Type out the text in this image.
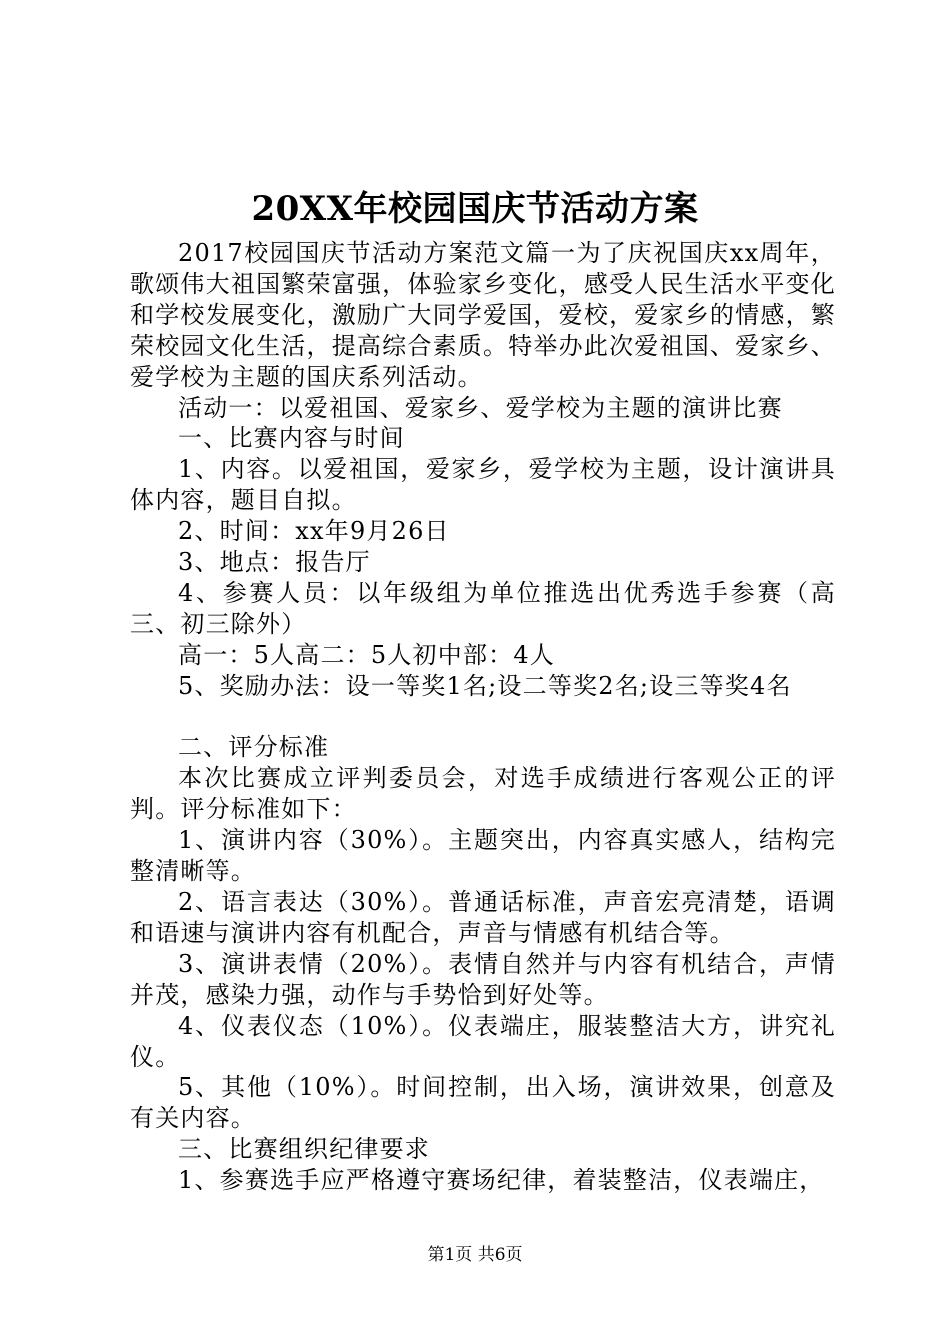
20XX年校园国庆节活动方案

2017校园国庆节活动方案范文篇一为了庆祝国庆xx周年，歌颂伟大祖国繁荣富强，体验家乡变化，感受人民生活水平变化和学校发展变化，激励广大同学爱国，爱校，爱家乡的情感，繁荣校园文化生活，提高综合素质。特举办此次爱祖国、爱家乡、爱学校为主题的国庆系列活动。

活动一：以爱祖国、爱家乡、爱学校为主题的演讲比赛

一、比赛内容与时间

1、内容。以爱祖国，爱家乡，爱学校为主题，设计演讲具体内容，题目自拟。

2、时间：xx年9月26日

3、地点：报告厅

4、参赛人员：以年级组为单位推选出优秀选手参赛（高三、初三除外）

高一：5人高二：5人初中部：4人

5、奖励办法：设一等奖1名;设二等奖2名;设三等奖4名

二、评分标准

本次比赛成立评判委员会，对选手成绩进行客观公正的评判。评分标准如下：

1、演讲内容（30%）。主题突出，内容真实感人，结构完整清晰等。

2、语言表达（30%）。普通话标准，声音宏亮清楚，语调和语速与演讲内容有机配合，声音与情感有机结合等。

3、演讲表情（20%）。表情自然并与内容有机结合，声情并茂，感染力强，动作与手势恰到好处等。

4、仪表仪态（10%）。仪表端庄，服装整洁大方，讲究礼仪。

5、其他（10%）。时间控制，出入场，演讲效果，创意及有关内容。

三、比赛组织纪律要求

1、参赛选手应严格遵守赛场纪律，着装整洁，仪表端庄，

第1页 共6页
